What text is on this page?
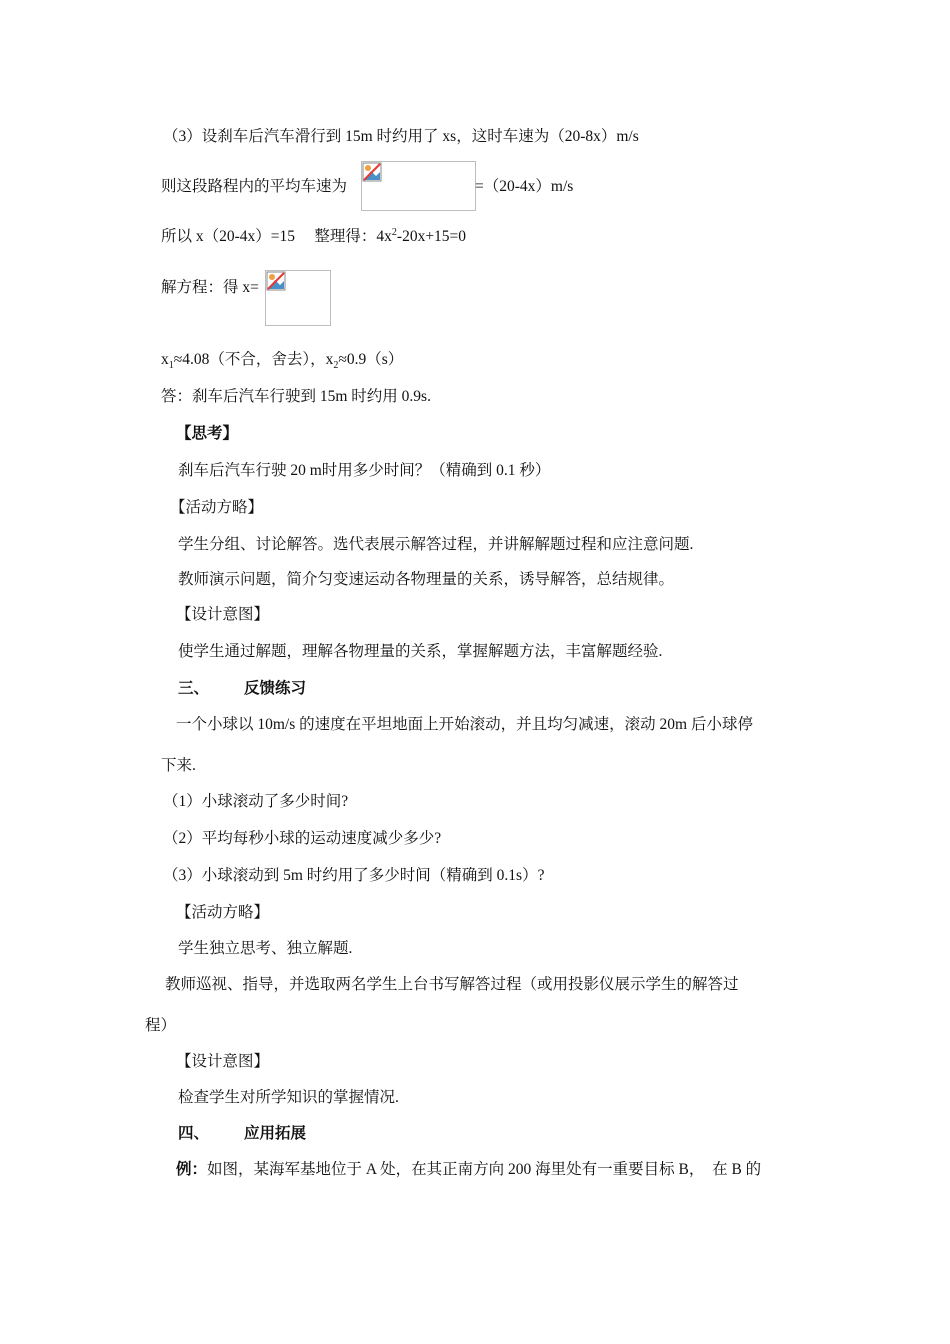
（3）设刹车后汽车滑行到 15m 时约用了 xs，这时车速为（20-8x）m/s
则这段路程内的平均车速为	=（20-4x）m/s
所以 x（20-4x）=15　 整理得：$4x^2-20x+15=0$
解方程：得 x=
$x_1\approx 4.08$（不合，舍去），$x_2\approx 0.9(s)$
答：刹车后汽车行驶到 15m 时约用 0.9s.
【思考】
刹车后汽车行驶 20 m时用多少时间？（精确到 0.1 秒）
【活动方略】
学生分组、讨论解答。选代表展示解答过程，并讲解解题过程和应注意问题.
教师演示问题，简介匀变速运动各物理量的关系，诱导解答，总结规律。
【设计意图】
使学生通过解题，理解各物理量的关系，掌握解题方法，丰富解题经验.
三、 反馈练习
一个小球以 10m/s 的速度在平坦地面上开始滚动，并且均匀减速，滚动 20m 后小球停
下来.
（1）小球滚动了多少时间?
（2）平均每秒小球的运动速度减少多少?
（3）小球滚动到 5m 时约用了多少时间（精确到 0.1s）?
【活动方略】
学生独立思考、独立解题.
教师巡视、指导，并选取两名学生上台书写解答过程（或用投影仪展示学生的解答过
程）
【设计意图】
检查学生对所学知识的掌握情况.
四、 应用拓展
例：如图，某海军基地位于 A 处，在其正南方向 200 海里处有一重要目标 B，　在 B 的
